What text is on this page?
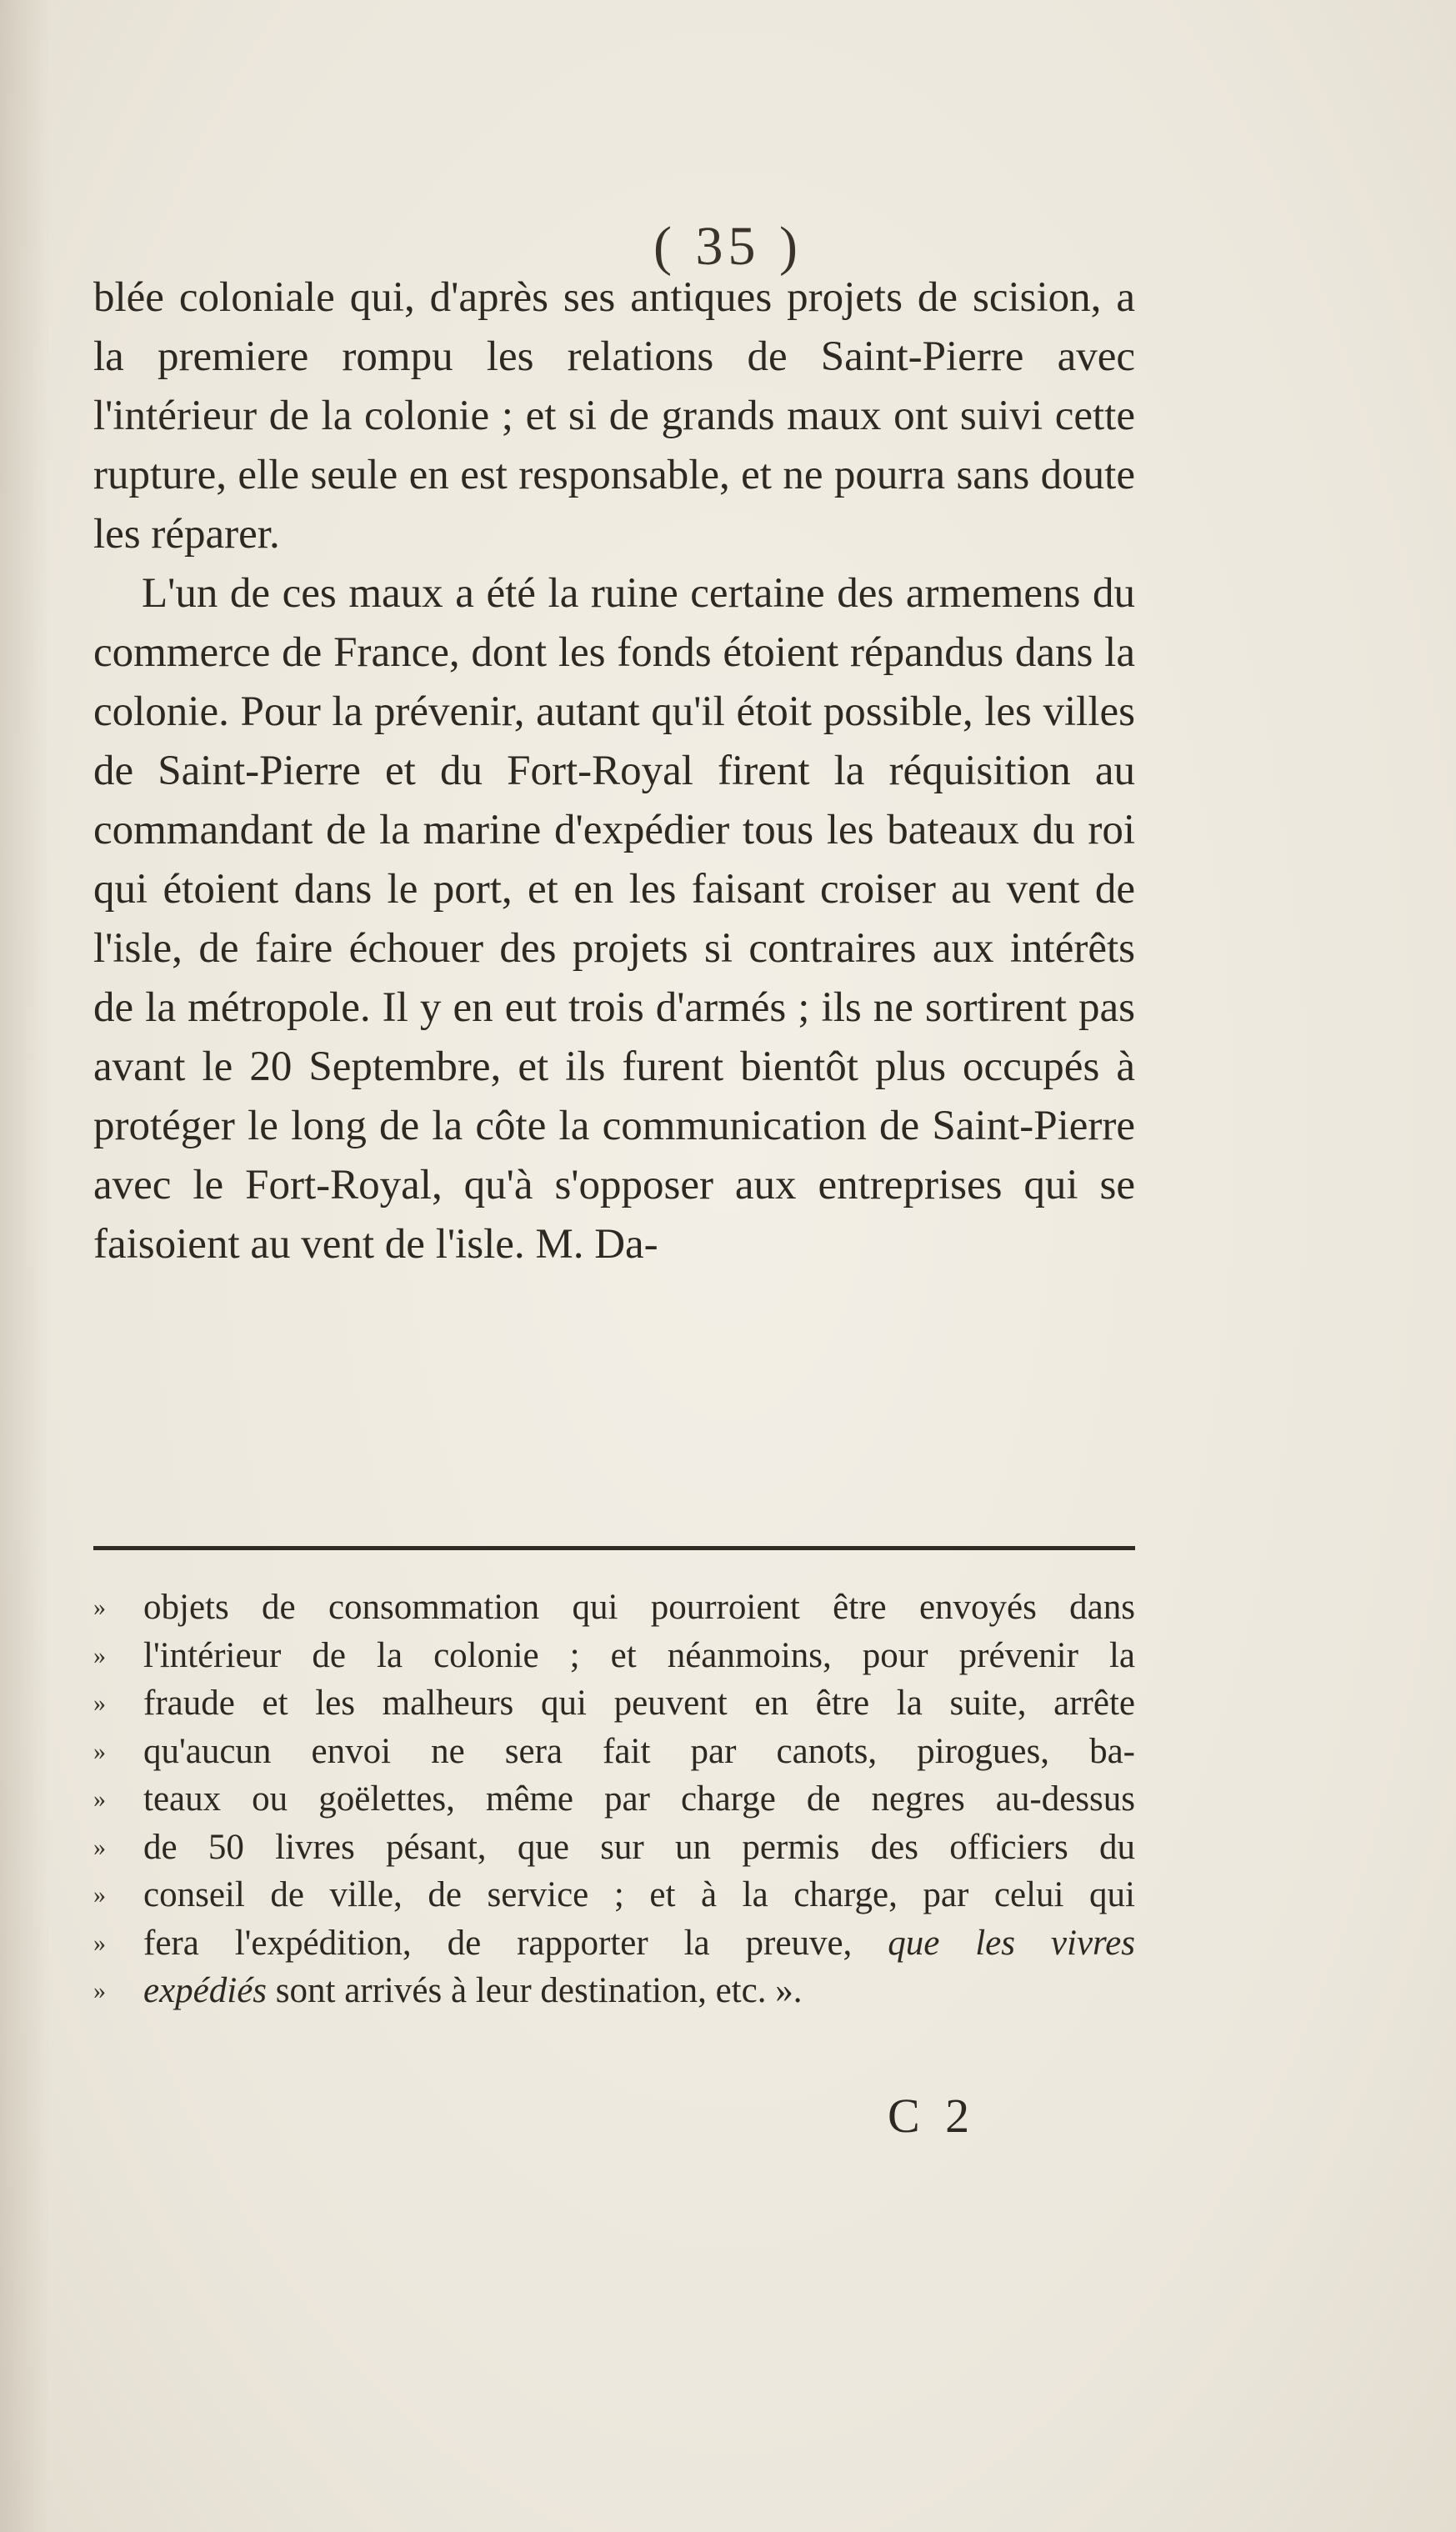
( 35 )

blée coloniale qui, d'après ses antiques projets de scision, a la premiere rompu les relations de Saint-Pierre avec l'intérieur de la colonie ; et si de grands maux ont suivi cette rupture, elle seule en est responsable, et ne pourra sans doute les réparer.

L'un de ces maux a été la ruine certaine des armemens du commerce de France, dont les fonds étoient répandus dans la colonie. Pour la prévenir, autant qu'il étoit possible, les villes de Saint-Pierre et du Fort-Royal firent la réquisition au commandant de la marine d'expédier tous les bateaux du roi qui étoient dans le port, et en les faisant croiser au vent de l'isle, de faire échouer des projets si contraires aux intérêts de la métropole. Il y en eut trois d'armés ; ils ne sortirent pas avant le 20 Septembre, et ils furent bientôt plus occupés à protéger le long de la côte la communication de Saint-Pierre avec le Fort-Royal, qu'à s'opposer aux entreprises qui se faisoient au vent de l'isle. M. Da-

» objets de consommation qui pourroient être envoyés dans
» l'intérieur de la colonie ; et néanmoins, pour prévenir la
» fraude et les malheurs qui peuvent en être la suite, arrête
» qu'aucun envoi ne sera fait par canots, pirogues, ba-
» teaux ou goëlettes, même par charge de negres au-dessus
» de 50 livres pésant, que sur un permis des officiers du
» conseil de ville, de service ; et à la charge, par celui qui
» fera l'expédition, de rapporter la preuve, que les vivres
» expédiés sont arrivés à leur destination, etc. ».
C 2
